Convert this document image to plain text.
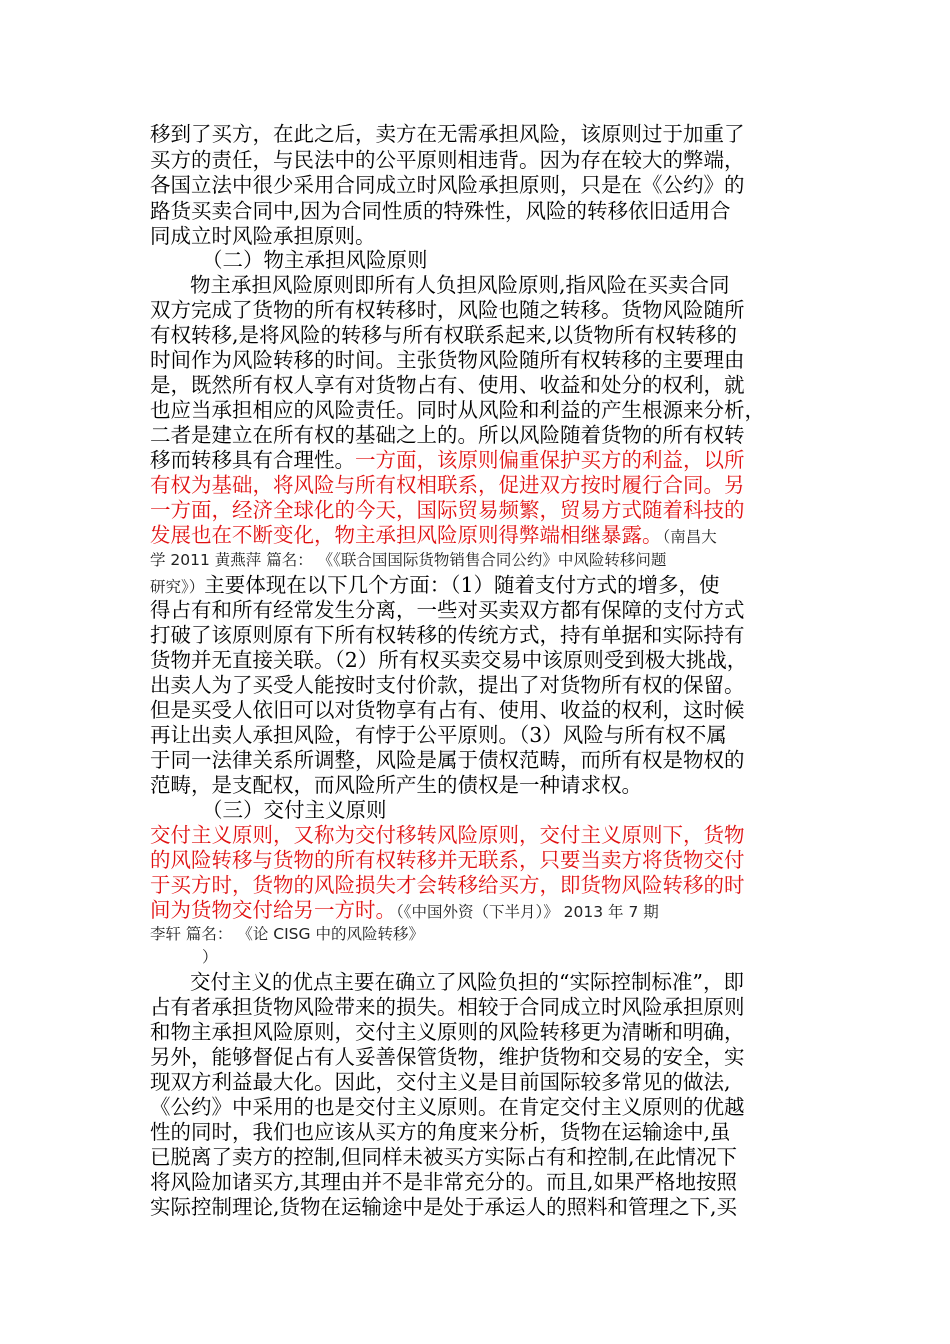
移到了买方，在此之后，卖方在无需承担风险，该原则过于加重了
买方的责任，与民法中的公平原则相违背。因为存在较大的弊端，
各国立法中很少采用合同成立时风险承担原则，只是在《公约》的
路货买卖合同中,因为合同性质的特殊性，风险的转移依旧适用合
同成立时风险承担原则。
（二）物主承担风险原则
物主承担风险原则即所有人负担风险原则,指风险在买卖合同
双方完成了货物的所有权转移时，风险也随之转移。货物风险随所
有权转移,是将风险的转移与所有权联系起来,以货物所有权转移的
时间作为风险转移的时间。主张货物风险随所有权转移的主要理由
是，既然所有权人享有对货物占有、使用、收益和处分的权利，就
也应当承担相应的风险责任。同时从风险和利益的产生根源来分析，
二者是建立在所有权的基础之上的。所以风险随着货物的所有权转
移而转移具有合理性。一方面，该原则偏重保护买方的利益，以所
有权为基础，将风险与所有权相联系，促进双方按时履行合同。另
一方面，经济全球化的今天，国际贸易频繁，贸易方式随着科技的
发展也在不断变化，物主承担风险原则得弊端相继暴露。（南昌大
学 2011 黄燕萍 篇名： 《《联合国国际货物销售合同公约》中风险转移问题
研究》）主要体现在以下几个方面：（1）随着支付方式的增多，使
得占有和所有经常发生分离，一些对买卖双方都有保障的支付方式
打破了该原则原有下所有权转移的传统方式，持有单据和实际持有
货物并无直接关联。（2）所有权买卖交易中该原则受到极大挑战，
出卖人为了买受人能按时支付价款，提出了对货物所有权的保留。
但是买受人依旧可以对货物享有占有、使用、收益的权利，这时候
再让出卖人承担风险，有悖于公平原则。（3）风险与所有权不属
于同一法律关系所调整，风险是属于债权范畴，而所有权是物权的
范畴，是支配权，而风险所产生的债权是一种请求权。
（三）交付主义原则
交付主义原则，又称为交付移转风险原则，交付主义原则下，货物
的风险转移与货物的所有权转移并无联系，只要当卖方将货物交付
于买方时，货物的风险损失才会转移给买方，即货物风险转移的时
间为货物交付给另一方时。（《中国外资（下半月）》 2013 年 7 期
李轩 篇名： 《论 CISG 中的风险转移》
）
交付主义的优点主要在确立了风险负担的“实际控制标准”，即
占有者承担货物风险带来的损失。相较于合同成立时风险承担原则
和物主承担风险原则，交付主义原则的风险转移更为清晰和明确，
另外，能够督促占有人妥善保管货物，维护货物和交易的安全，实
现双方利益最大化。因此，交付主义是目前国际较多常见的做法,
《公约》中采用的也是交付主义原则。在肯定交付主义原则的优越
性的同时，我们也应该从买方的角度来分析，货物在运输途中,虽
已脱离了卖方的控制,但同样未被买方实际占有和控制,在此情况下
将风险加诸买方,其理由并不是非常充分的。而且,如果严格地按照
实际控制理论,货物在运输途中是处于承运人的照料和管理之下,买
